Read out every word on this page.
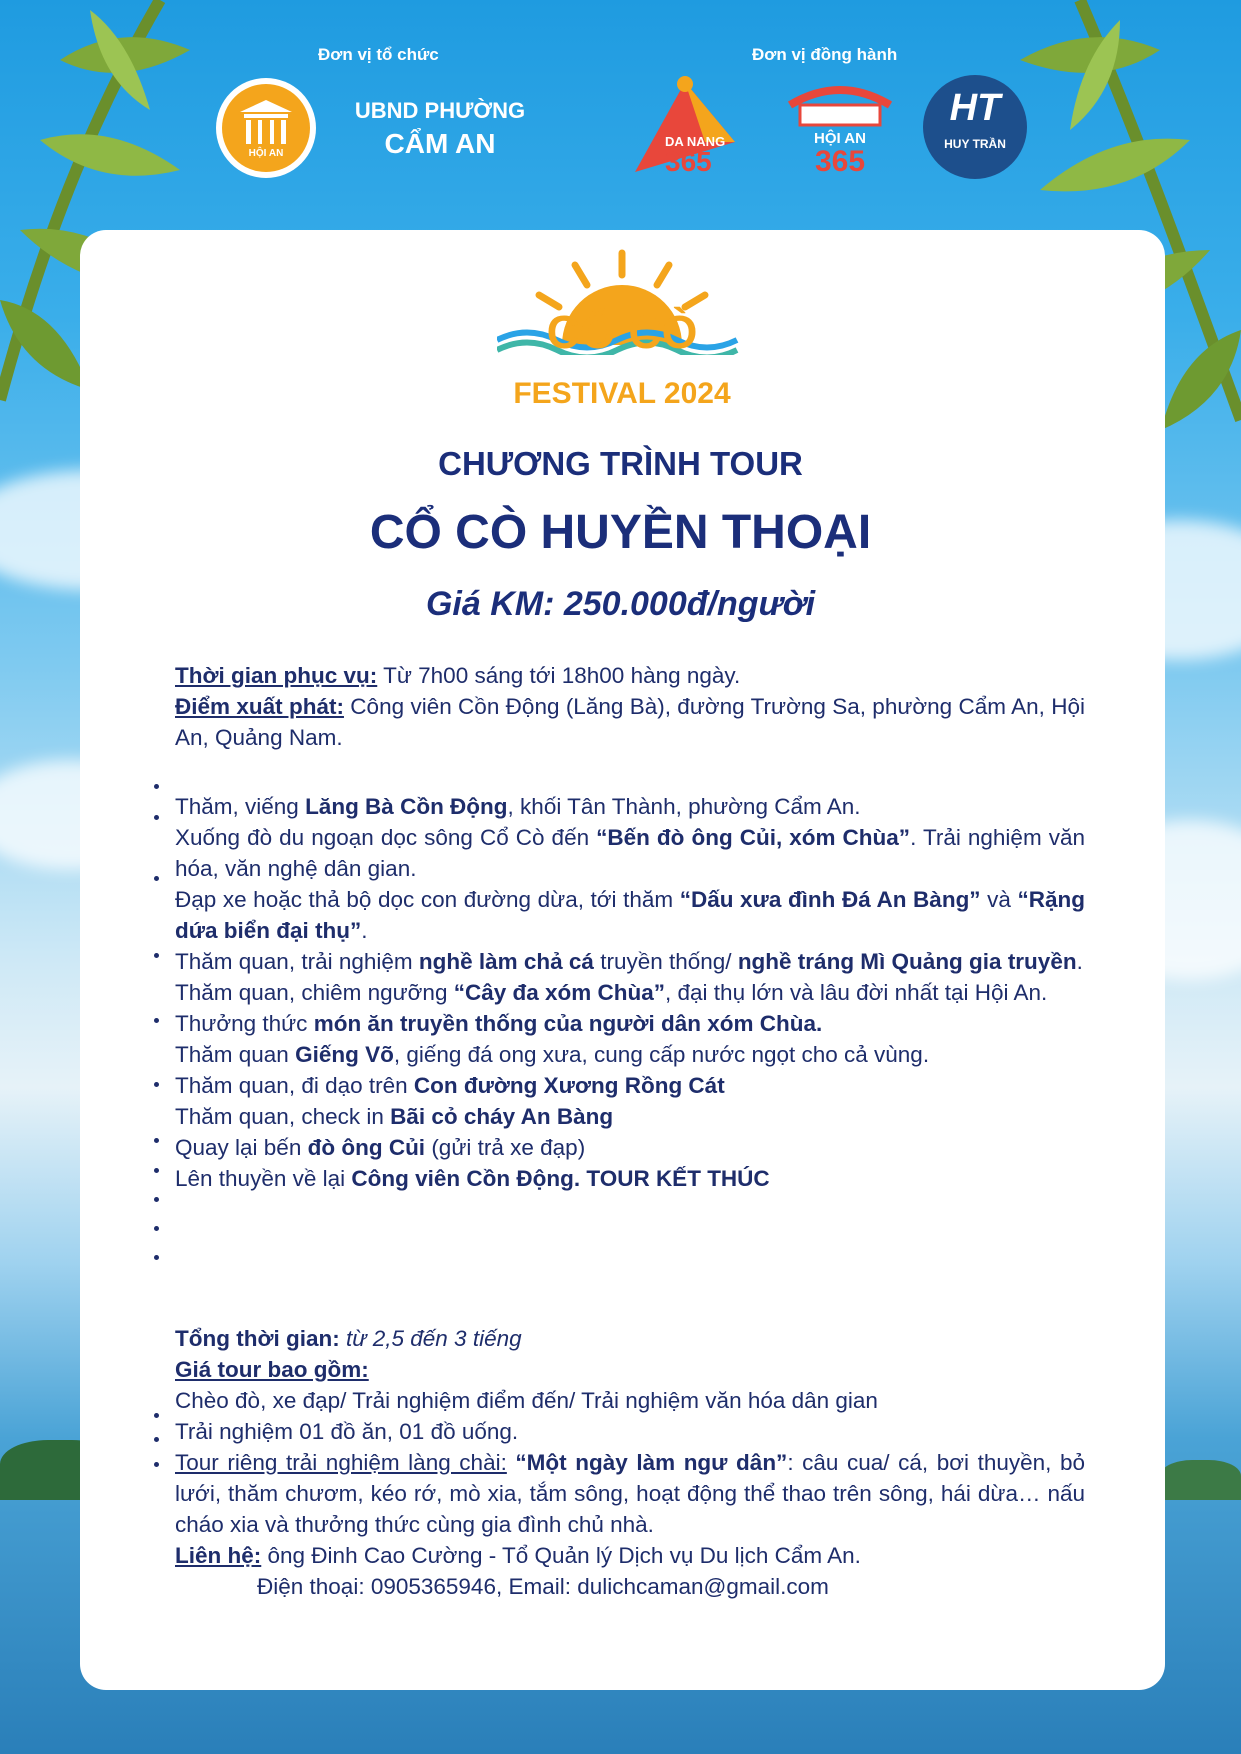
Đơn vị tổ chức
HỘI AN
UBND PHƯỜNG
CẨM AN
Đơn vị đồng hành
DA NANG
365
HỘI AN
365
HT
HUY TRẦN
CỔ CÒ
FESTIVAL 2024
CHƯƠNG TRÌNH TOUR
CỔ CÒ HUYỀN THOẠI
Giá KM: 250.000đ/người

Thời gian phục vụ: Từ 7h00 sáng tới 18h00 hàng ngày.

Điểm xuất phát: Công viên Cồn Động (Lăng Bà), đường Trường Sa, phường Cẩm An, Hội An, Quảng Nam.

Thăm, viếng Lăng Bà Cồn Động, khối Tân Thành, phường Cẩm An.

Xuống đò du ngoạn dọc sông Cổ Cò đến “Bến đò ông Củi, xóm Chùa”. Trải nghiệm văn hóa, văn nghệ dân gian.

Đạp xe hoặc thả bộ dọc con đường dừa, tới thăm “Dấu xưa đình Đá An Bàng” và “Rặng dứa biển đại thụ”.

Thăm quan, trải nghiệm nghề làm chả cá truyền thống/ nghề tráng Mì Quảng gia truyền.

Thăm quan, chiêm ngưỡng “Cây đa xóm Chùa”, đại thụ lớn và lâu đời nhất tại Hội An.

Thưởng thức món ăn truyền thống của người dân xóm Chùa.

Thăm quan Giếng Võ, giếng đá ong xưa, cung cấp nước ngọt cho cả vùng.

Thăm quan, đi dạo trên Con đường Xương Rồng Cát

Thăm quan, check in Bãi cỏ cháy An Bàng

Quay lại bến đò ông Củi (gửi trả xe đạp)

Lên thuyền về lại Công viên Cồn Động. TOUR KẾT THÚC

Tổng thời gian: từ 2,5 đến 3 tiếng

Giá tour bao gồm:

Chèo đò, xe đạp/ Trải nghiệm điểm đến/ Trải nghiệm văn hóa dân gian

Trải nghiệm 01 đồ ăn, 01 đồ uống.

Tour riêng trải nghiệm làng chài: “Một ngày làm ngư dân”: câu cua/ cá, bơi thuyền, bỏ lưới, thăm chươm, kéo rớ, mò xia, tắm sông, hoạt động thể thao trên sông, hái dừa… nấu cháo xia và thưởng thức cùng gia đình chủ nhà.

Liên hệ: ông Đinh Cao Cường - Tổ Quản lý Dịch vụ Du lịch Cẩm An.

Điện thoại: 0905365946, Email: dulichcaman@gmail.com
